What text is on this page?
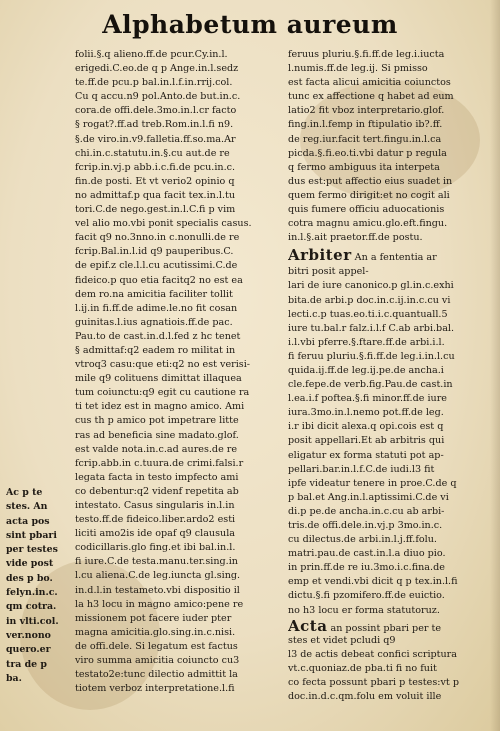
Alphabetum aureum
folii.§.q alieno.ff.de pcur.Cy.in.l.
erigedi.C.eo.de q p Ange.in.l.sedz
te.ff.de pcu.p bal.in.l.f.in.rrij.col.
Cu q accu.n9 pol.Anto.de but.in.c.
cora.de offi.dele.3mo.in.l.cr facto
§ rogat?.ff.ad treb.Rom.in.l.fi n9.
§.de viro.in.v9.falletia.ff.so.ma.Ar
chi.in.c.statutu.in.§.cu aut.de re
fcrip.in.vj.p abb.i.c.fi.de pcu.in.c.
fin.de posti. Et vt verio2 opinio q
no admittaf.p qua facit tex.in.l.tu
tori.C.de nego.gest.in.l.C.fi p vim
vel alio mo.vbi ponit specialis casus.
facit q9 no.3nno.in c.nonulli.de re
fcrip.Bal.in.l.id q9 pauperibus.C.
de epif.z cle.l.l.cu acutissimi.C.de
fideico.p quo etia facitq2 no est ea
dem ro.na amicitia faciliter tollit
l.ij.in fi.ff.de adime.le.no fit cosan
guinitas.l.ius agnatiois.ff.de pac.
Pau.to de cast.in.d.l.fed z hc tenet
§ admittaf:q2 eadem ro militat in
vtroq3 casu:que eti:q2 no est verisi-
mile q9 colituens dimittat illaquea
tum coiunctu:q9 egit cu cautione ra
ti tet idez est in magno amico. Ami
cus th p amico pot impetrare litte
ras ad beneficia sine madato.glof.
est valde nota.in.c.ad aures.de re
fcrip.abb.in c.tuura.de crimi.falsi.r
legata facta in testo impfecto ami
co debentur:q2 videnf repetita ab
intestato. Casus singularis in.l.in
testo.ff.de fideico.liber.ardo2 esti
liciti amo2is ide opaf q9 clausula
codicillaris.glo fing.et ibi bal.in.l.
fi iure.C.de testa.manu.ter.sing.in
l.cu aliena.C.de leg.iuncta gl.sing.
in.d.l.in testameto.vbi dispositio il
la h3 locu in magno amico:pene re
missionem pot facere iuder pter
magna amicitia.glo.sing.in.c.nisi.
de offi.dele. Si legatum est factus
viro summa amicitia coiuncto cu3
testato2e:tunc dilectio admittit la
tiotem verboz interpretatione.l.fi
feruus pluriu.§.fi.ff.de leg.i.iucta
l.numis.ff.de leg.ij. Si pmisso
est facta alicui amicitia coiunctos
tunc ex affectione q habet ad eum
latio2 fit vboz interpretario.glof.
fing.in.l.femp in ftipulatio ib?.ff.
de reg.iur.facit tert.fingu.in.l.ca
picda.§.fi.eo.ti.vbi datur p regula
q fermo ambiguus ita interpeta
dus est:put affectio eius suadet in
quem fermo dirigit:et no cogit ali
quis fumere officiu aduocationis
cotra magnu amicu.glo.eft.fingu.
in.l.§.ait praetor.ff.de postu.
Arbiter An a fententia ar
bitri posit appel-
lari de iure canonico.p gl.in.c.exhi
bita.de arbi.p doc.in.c.ij.in.c.cu vi
lecti.c.p tuas.eo.ti.i.c.quantuall.5
iure tu.bal.r falz.i.l.f C.ab arbi.bal.
i.l.vbi pferre.§.ftare.ff.de arbi.i.l.
fi feruu pluriu.§.fi.ff.de leg.i.in.l.cu
quida.ij.ff.de leg.ij.pe.de ancha.i
cle.fepe.de verb.fig.Pau.de cast.in
l.ea.i.f poftea.§.fi minor.ff.de iure
iura.3mo.in.l.nemo pot.ff.de leg.
i.r ibi dicit alexa.q opi.cois est q
posit appellari.Et ab arbitris qui
eligatur ex forma statuti pot ap-
pellari.bar.in.l.f.C.de iudi.l3 fit
ipfe videatur tenere in proe.C.de q
p bal.et Ang.in.l.aptissimi.C.de vi
di.p pe.de ancha.in.c.cu ab arbi-
tris.de offi.dele.in.vj.p 3mo.in.c.
cu dilectus.de arbi.in.l.j.ff.folu.
matri.pau.de cast.in.l.a diuo pio.
in prin.ff.de re iu.3mo.i.c.fina.de
emp et vendi.vbi dicit q p tex.in.l.fi
dictu.§.fi pzomifero.ff.de euictio.
no h3 locu er forma statutoruz.
Acta an possint pbari per te
stes et videt pcludi q9
l3 de actis debeat confici scriptura
vt.c.quoniaz.de pba.ti fi no fuit
co fecta possunt pbari p testes:vt p
doc.in.d.c.qm.folu em voluit ille
Ac p te
stes. An
acta pos
sint pbari
per testes
vide post
des p bo.
felyn.in.c.
qm cotra.
in vlti.col.
ver.nono
quero.er
tra de p
ba.
